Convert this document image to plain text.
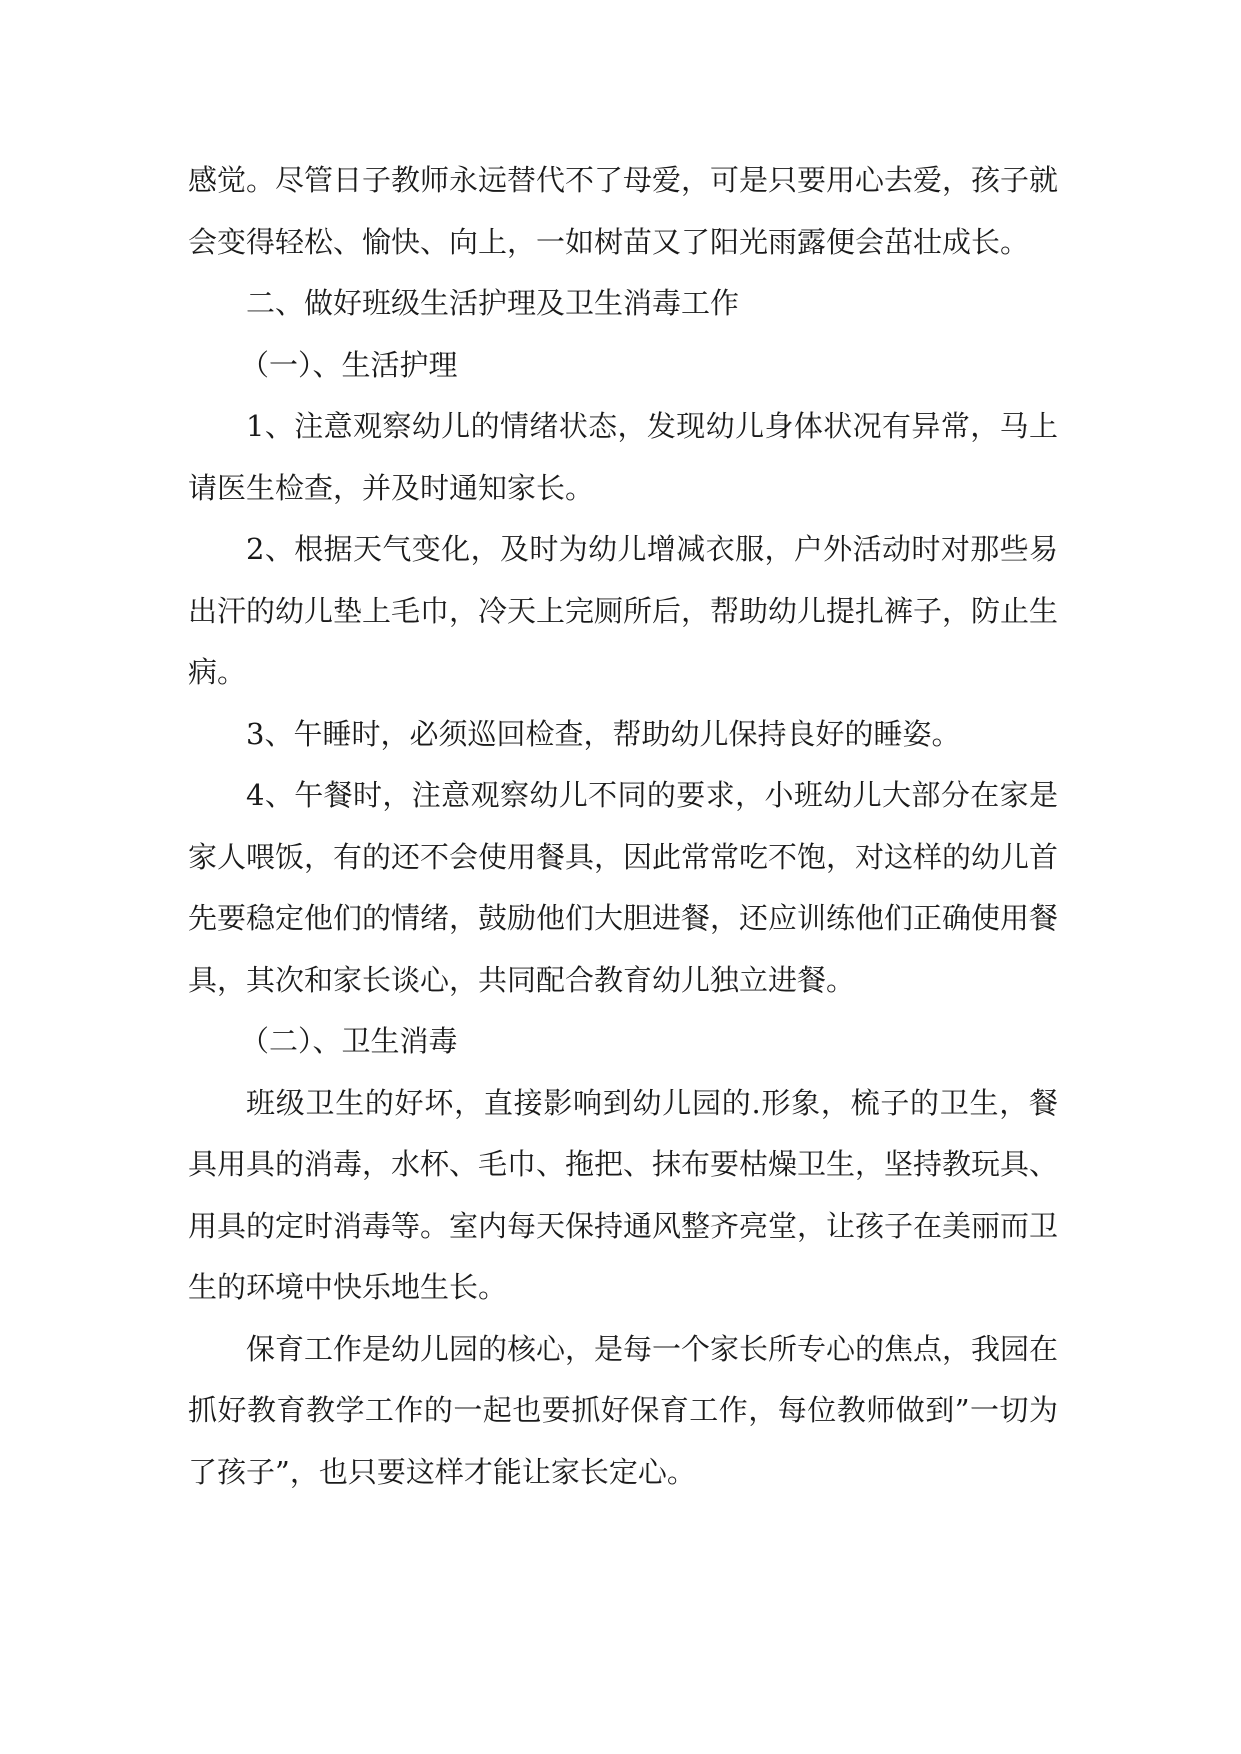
感觉。尽管日子教师永远替代不了母爱，可是只要用心去爱，孩子就会变得轻松、愉快、向上，一如树苗又了阳光雨露便会茁壮成长。

二、做好班级生活护理及卫生消毒工作

（一）、生活护理

1、注意观察幼儿的情绪状态，发现幼儿身体状况有异常，马上请医生检查，并及时通知家长。

2、根据天气变化，及时为幼儿增减衣服，户外活动时对那些易出汗的幼儿垫上毛巾，冷天上完厕所后，帮助幼儿提扎裤子，防止生病。

3、午睡时，必须巡回检查，帮助幼儿保持良好的睡姿。

4、午餐时，注意观察幼儿不同的要求，小班幼儿大部分在家是家人喂饭，有的还不会使用餐具，因此常常吃不饱，对这样的幼儿首先要稳定他们的情绪，鼓励他们大胆进餐，还应训练他们正确使用餐具，其次和家长谈心，共同配合教育幼儿独立进餐。

（二）、卫生消毒

班级卫生的好坏，直接影响到幼儿园的.形象，梳子的卫生，餐具用具的消毒，水杯、毛巾、拖把、抹布要枯燥卫生，坚持教玩具、用具的定时消毒等。室内每天保持通风整齐亮堂，让孩子在美丽而卫生的环境中快乐地生长。

保育工作是幼儿园的核心，是每一个家长所专心的焦点，我园在抓好教育教学工作的一起也要抓好保育工作，每位教师做到”一切为了孩子”，也只要这样才能让家长定心。
